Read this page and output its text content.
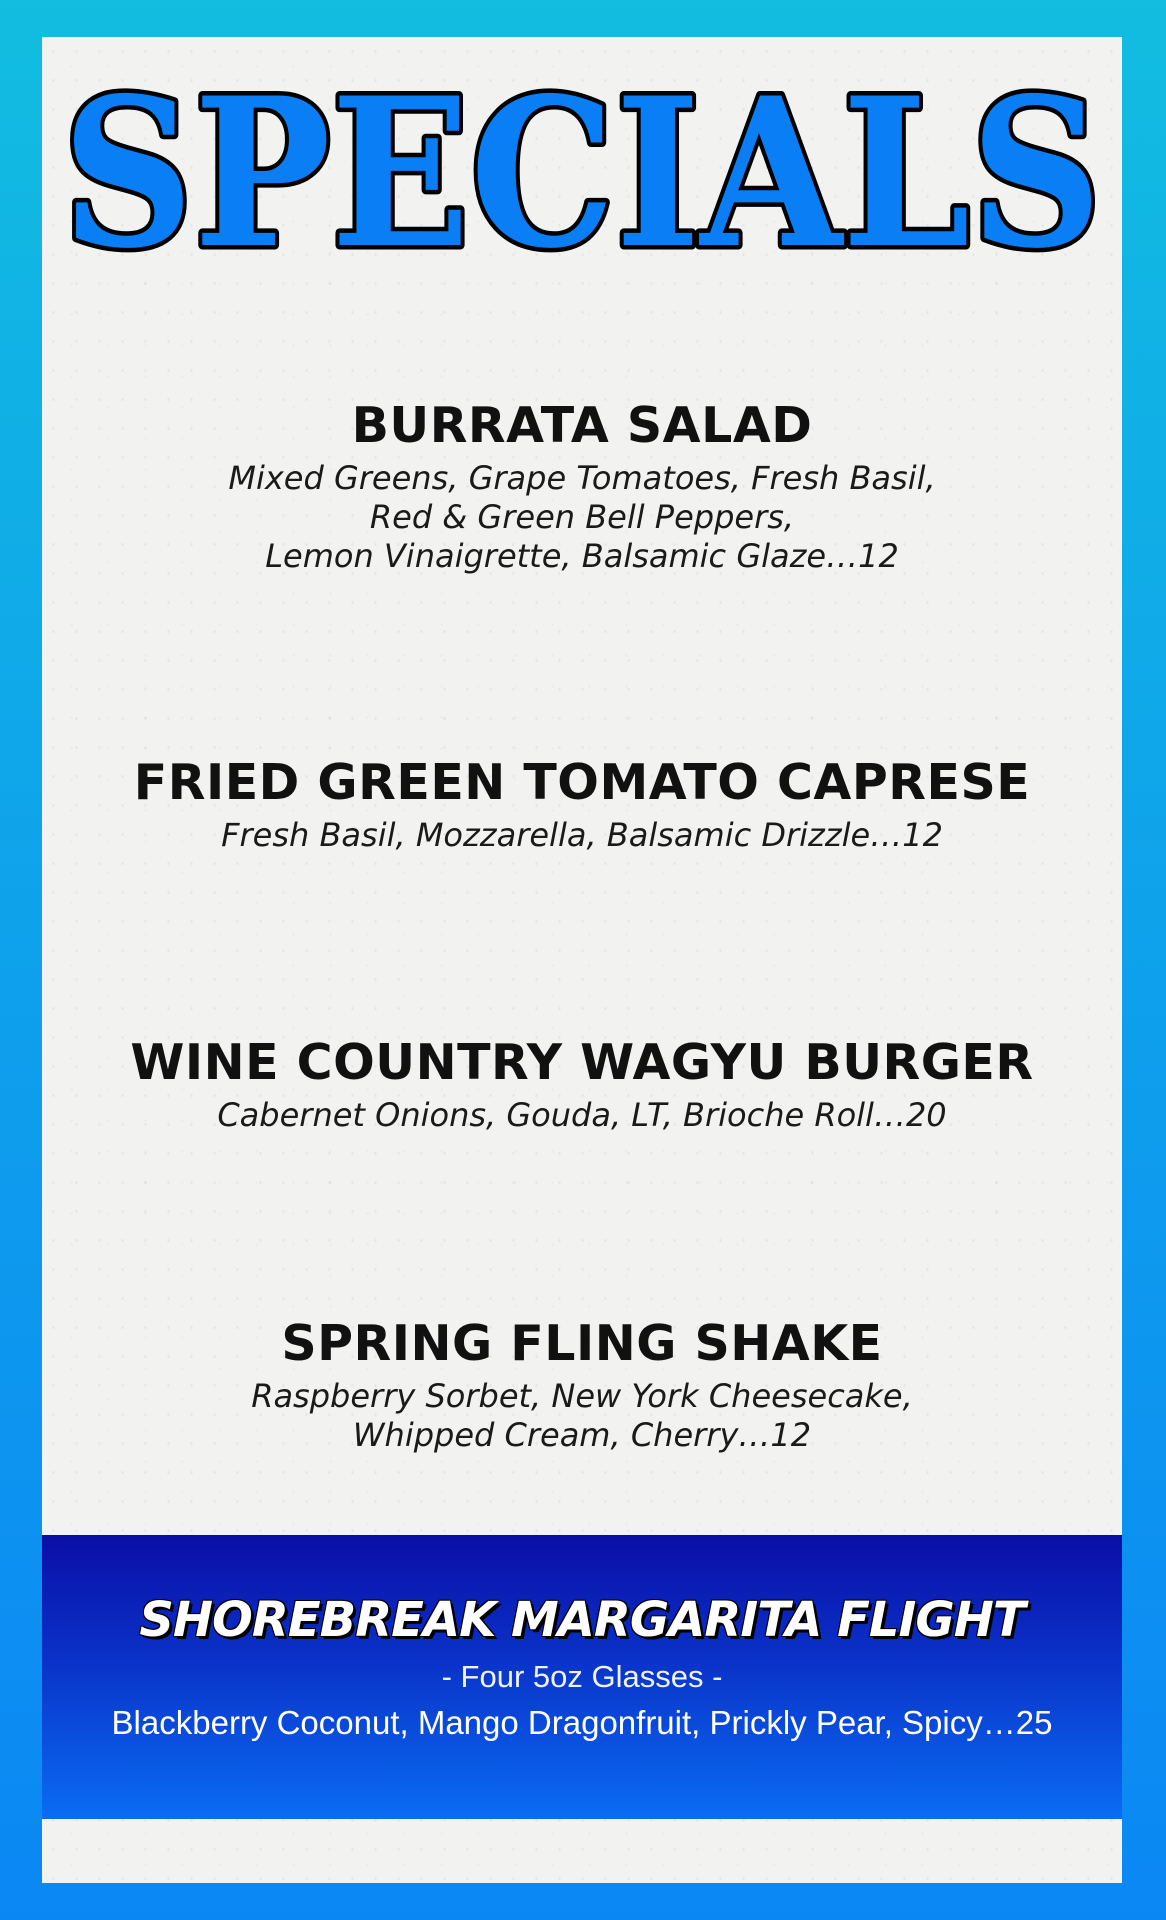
SPECIALS
BURRATA SALAD

Mixed Greens, Grape Tomatoes, Fresh Basil,
Red & Green Bell Peppers,
Lemon Vinaigrette, Balsamic Glaze…12

FRIED GREEN TOMATO CAPRESE

Fresh Basil, Mozzarella, Balsamic Drizzle…12

WINE COUNTRY WAGYU BURGER

Cabernet Onions, Gouda, LT, Brioche Roll…20

SPRING FLING SHAKE

Raspberry Sorbet, New York Cheesecake,
Whipped Cream, Cherry…12

SHOREBREAK MARGARITA FLIGHT
- Four 5oz Glasses -
Blackberry Coconut, Mango Dragonfruit, Prickly Pear, Spicy…25
